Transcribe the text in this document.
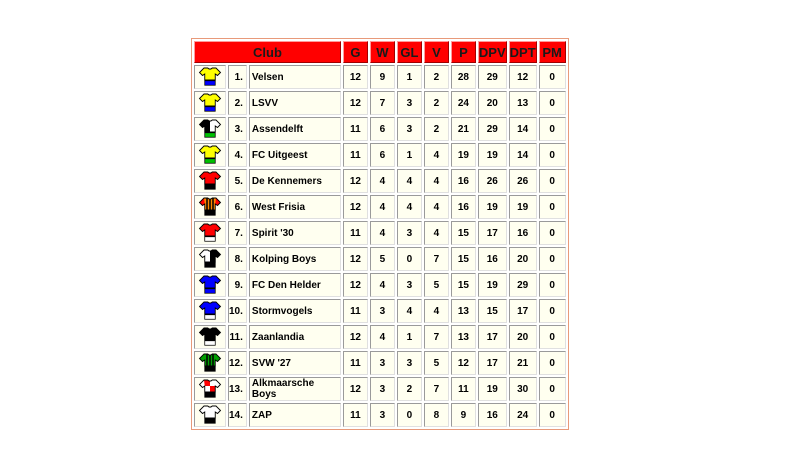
Club			G	W	GL	V	P	DPV	DPT	PM

	1.	Velsen	12	9	1	2	28	29	12	0

	2.	LSVV	12	7	3	2	24	20	13	0

	3.	Assendelft	11	6	3	2	21	29	14	0

	4.	FC Uitgeest	11	6	1	4	19	19	14	0

	5.	De Kennemers	12	4	4	4	16	26	26	0

	6.	West Frisia	12	4	4	4	16	19	19	0

	7.	Spirit '30	11	4	3	4	15	17	16	0

	8.	Kolping Boys	12	5	0	7	15	16	20	0

	9.	FC Den Helder	12	4	3	5	15	19	29	0

	10.	Stormvogels	11	3	4	4	13	15	17	0

	11.	Zaanlandia	12	4	1	7	13	17	20	0

	12.	SVW '27	11	3	3	5	12	17	21	0

	13.	Alkmaarsche Boys	12	3	2	7	11	19	30	0

	14.	ZAP	11	3	0	8	9	16	24	0
